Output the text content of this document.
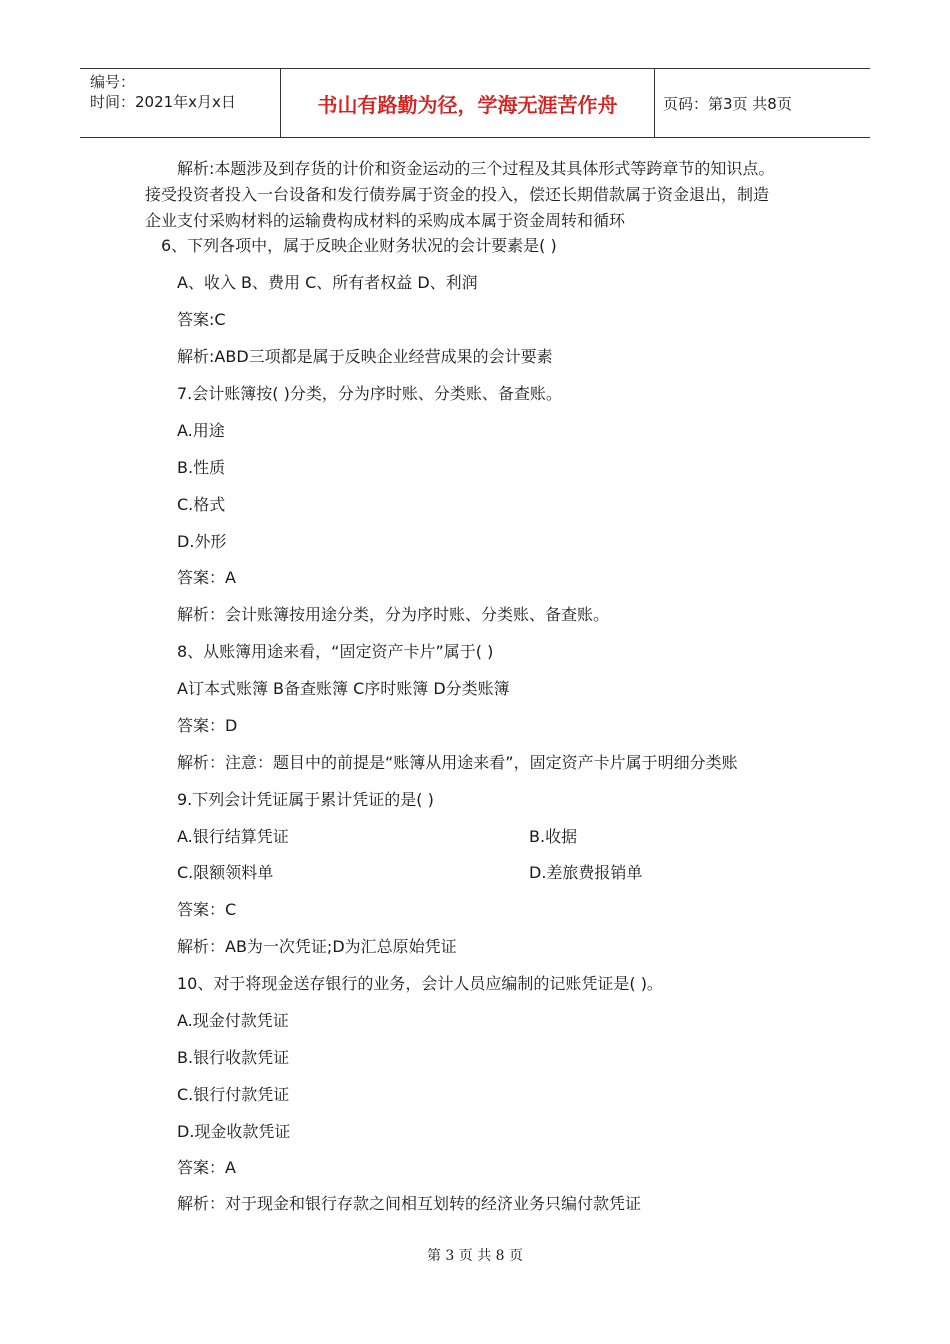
编号：
时间：2021年x月x日	书山有路勤为径，学海无涯苦作舟	页码：第3页 共8页
解析:本题涉及到存货的计价和资金运动的三个过程及其具体形式等跨章节的知识点。
接受投资者投入一台设备和发行债券属于资金的投入，偿还长期借款属于资金退出，制造
企业支付采购材料的运输费构成材料的采购成本属于资金周转和循环
6、下列各项中，属于反映企业财务状况的会计要素是( )
A、收入 B、费用 C、所有者权益 D、利润
答案:C
解析:ABD三项都是属于反映企业经营成果的会计要素
7.会计账簿按( )分类，分为序时账、分类账、备查账。
A.用途
B.性质
C.格式
D.外形
答案：A
解析：会计账簿按用途分类，分为序时账、分类账、备查账。
8、从账簿用途来看，“固定资产卡片”属于( )
A订本式账簿 B备查账簿 C序时账簿 D分类账簿
答案：D
解析：注意：题目中的前提是“账簿从用途来看”，固定资产卡片属于明细分类账
9.下列会计凭证属于累计凭证的是( )
A.银行结算凭证	B.收据
C.限额领料单	D.差旅费报销单
答案：C
解析：AB为一次凭证;D为汇总原始凭证
10、对于将现金送存银行的业务，会计人员应编制的记账凭证是( )。
A.现金付款凭证
B.银行收款凭证
C.银行付款凭证
D.现金收款凭证
答案：A
解析：对于现金和银行存款之间相互划转的经济业务只编付款凭证
第 3 页 共 8 页
